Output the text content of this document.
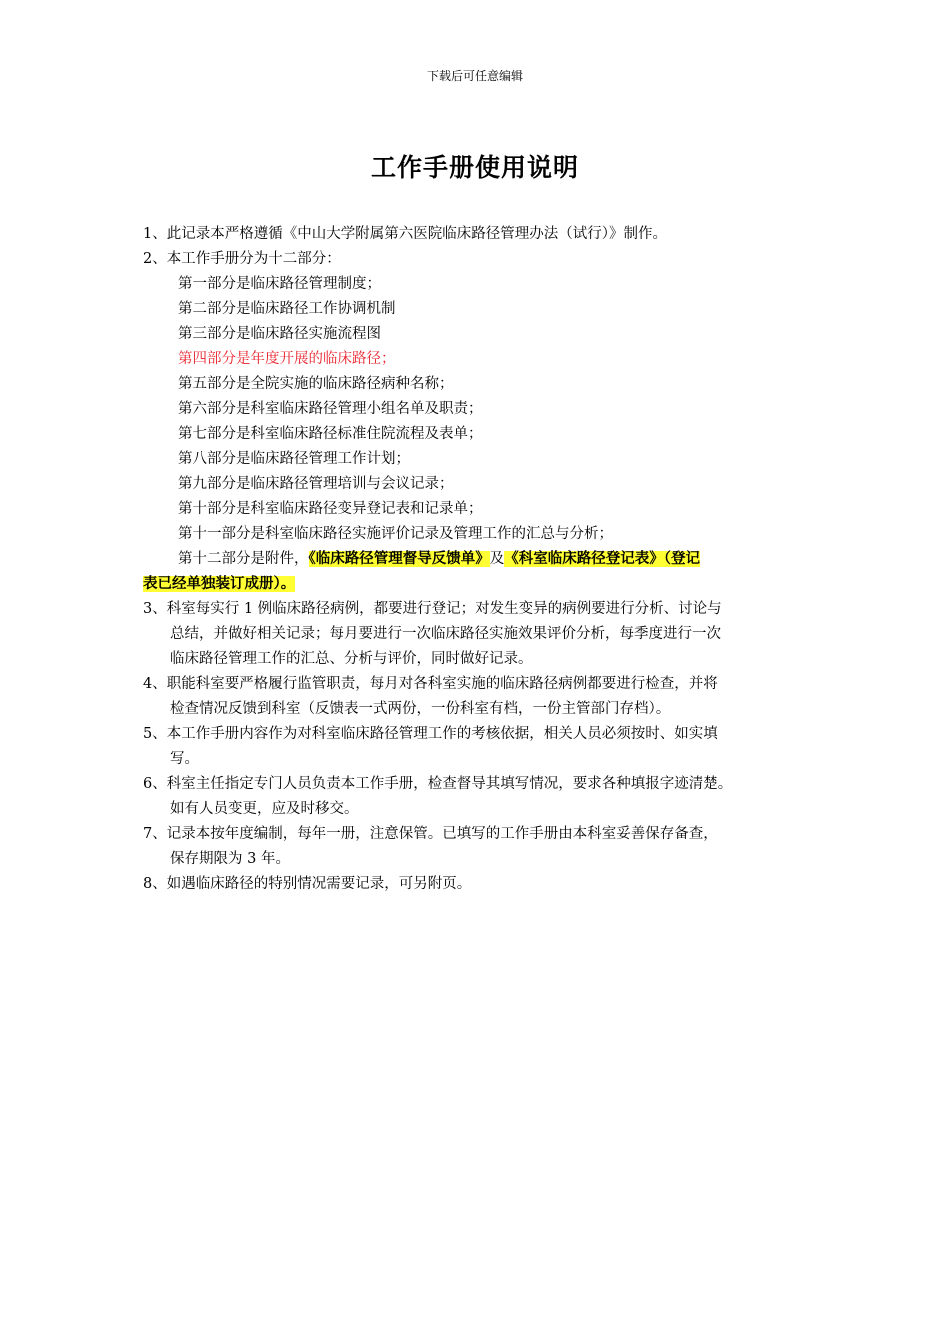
下载后可任意编辑
工作手册使用说明
1、此记录本严格遵循《中山大学附属第六医院临床路径管理办法（试行）》制作。
2、本工作手册分为十二部分：
第一部分是临床路径管理制度；
第二部分是临床路径工作协调机制
第三部分是临床路径实施流程图
第四部分是年度开展的临床路径；
第五部分是全院实施的临床路径病种名称；
第六部分是科室临床路径管理小组名单及职责；
第七部分是科室临床路径标准住院流程及表单；
第八部分是临床路径管理工作计划；
第九部分是临床路径管理培训与会议记录；
第十部分是科室临床路径变异登记表和记录单；
第十一部分是科室临床路径实施评价记录及管理工作的汇总与分析；
第十二部分是附件，《临床路径管理督导反馈单》及《科室临床路径登记表》（登记
表已经单独装订成册）。
3、科室每实行 1 例临床路径病例，都要进行登记；对发生变异的病例要进行分析、讨论与
总结，并做好相关记录；每月要进行一次临床路径实施效果评价分析，每季度进行一次
临床路径管理工作的汇总、分析与评价，同时做好记录。
4、职能科室要严格履行监管职责，每月对各科室实施的临床路径病例都要进行检查，并将
检查情况反馈到科室（反馈表一式两份，一份科室有档，一份主管部门存档）。
5、本工作手册内容作为对科室临床路径管理工作的考核依据，相关人员必须按时、如实填
写。
6、科室主任指定专门人员负责本工作手册，检查督导其填写情况，要求各种填报字迹清楚。
如有人员变更，应及时移交。
7、记录本按年度编制，每年一册，注意保管。已填写的工作手册由本科室妥善保存备查，
保存期限为 3 年。
8、如遇临床路径的特别情况需要记录，可另附页。
